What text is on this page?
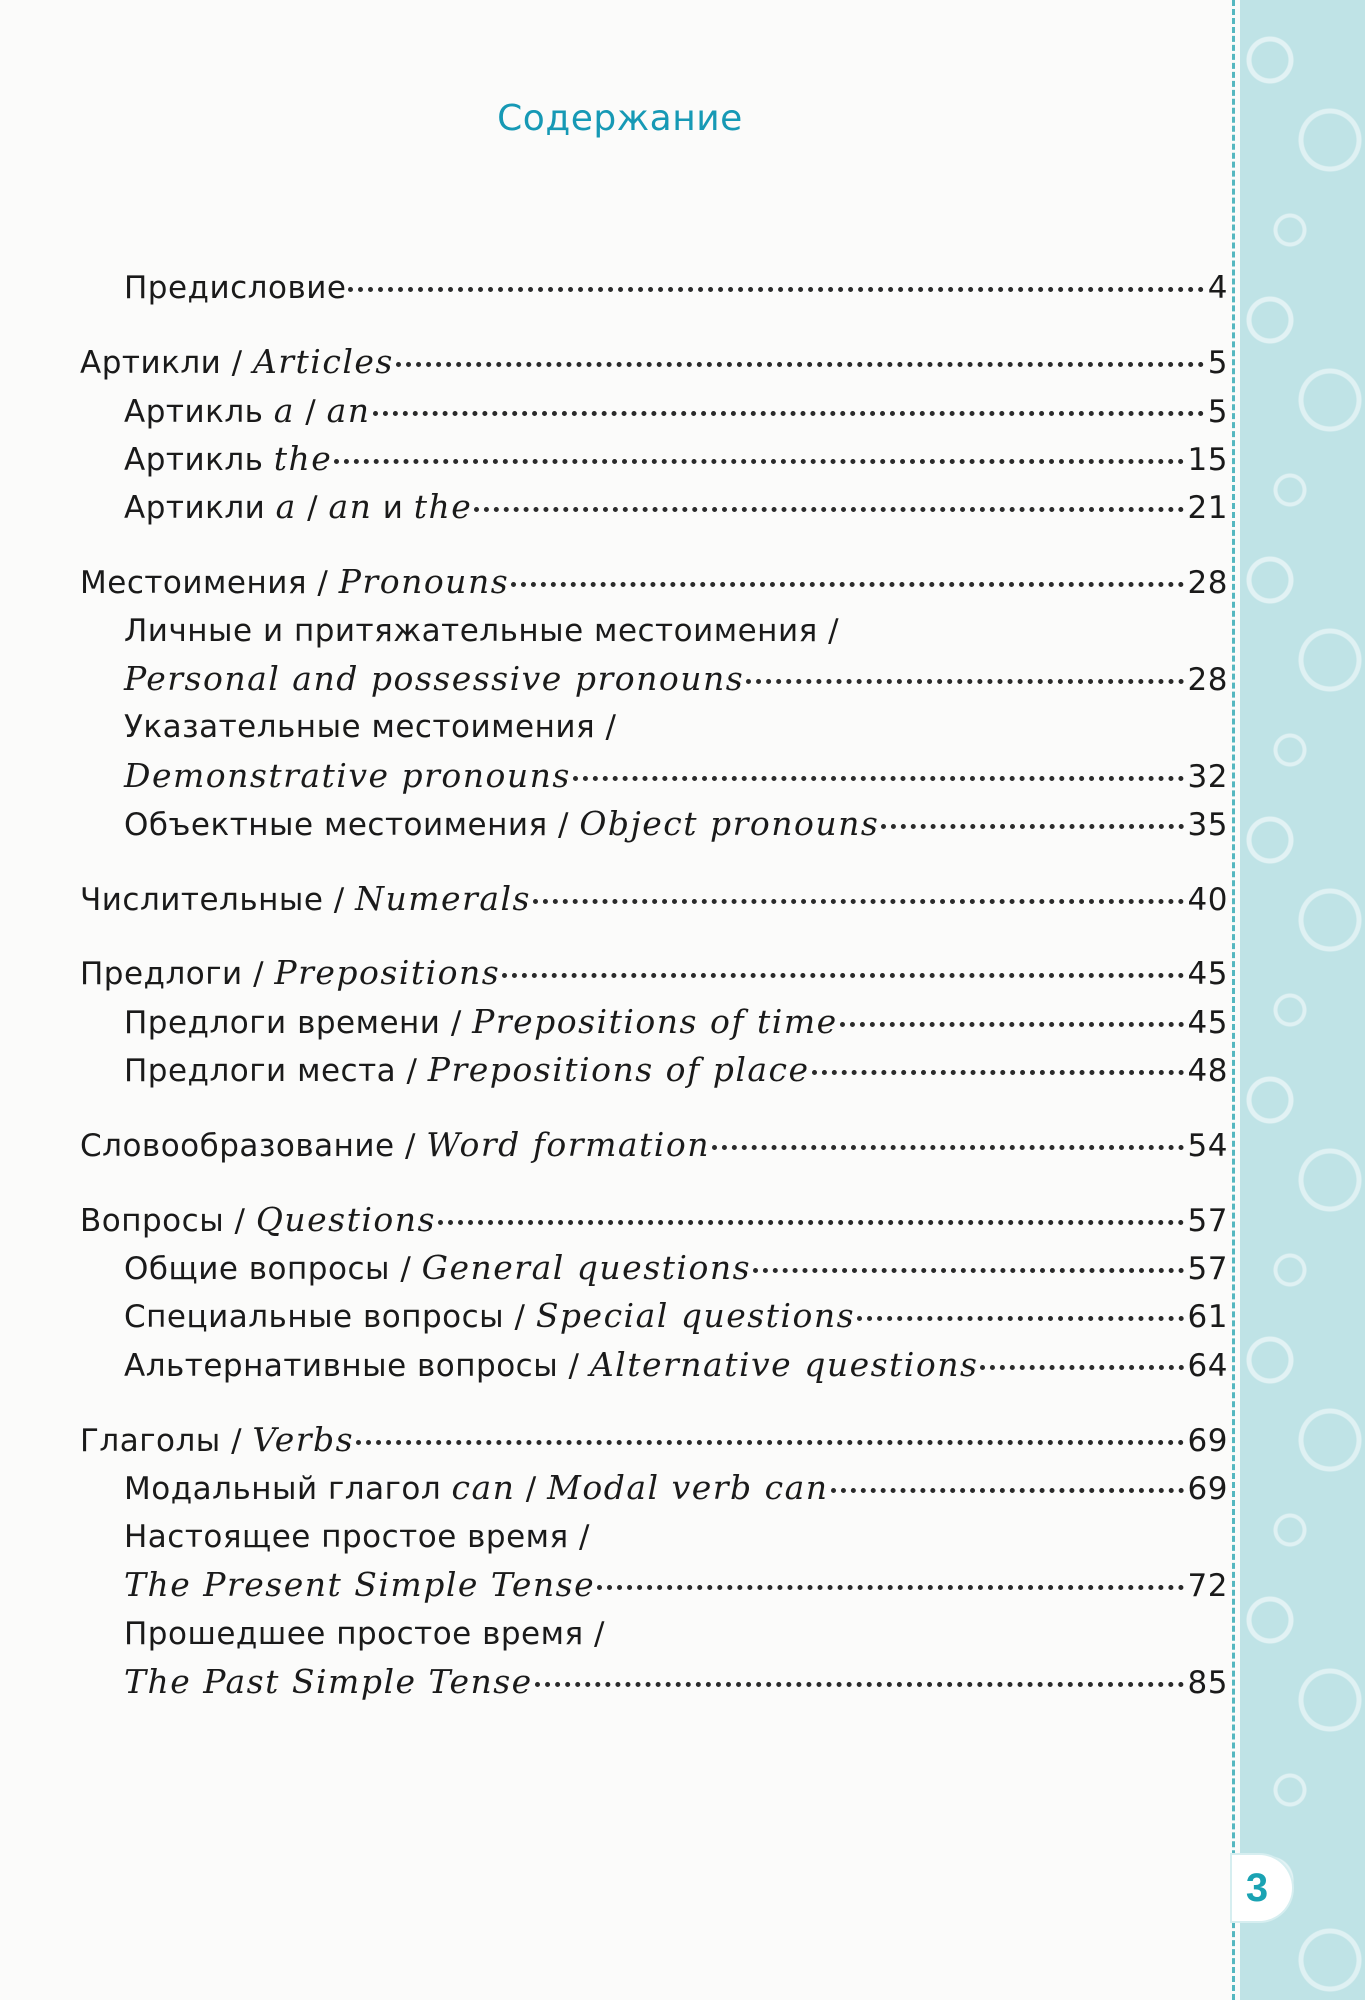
3
Содержание
Предисловие	4
Артикли / Articles	5
Артикль
a / an	5
Артикль
the	15
Артикли
a / an
и
the	21
Местоимения / Pronouns	28
Личные и притяжательные местоимения /
Personal and possessive pronouns	28
Указательные местоимения /
Demonstrative pronouns	32
Объектные местоимения / Object pronouns	35
Числительные / Numerals	40
Предлоги / Prepositions	45
Предлоги времени / Prepositions of time	45
Предлоги места / Prepositions of place	48
Словообразование / Word formation	54
Вопросы / Questions	57
Общие вопросы / General questions	57
Специальные вопросы / Special questions	61
Альтернативные вопросы / Alternative questions	64
Глаголы / Verbs	69
Модальный глагол
can / Modal verb can	69
Настоящее простое время /
The Present Simple Tense	72
Прошедшее простое время /
The Past Simple Tense	85
